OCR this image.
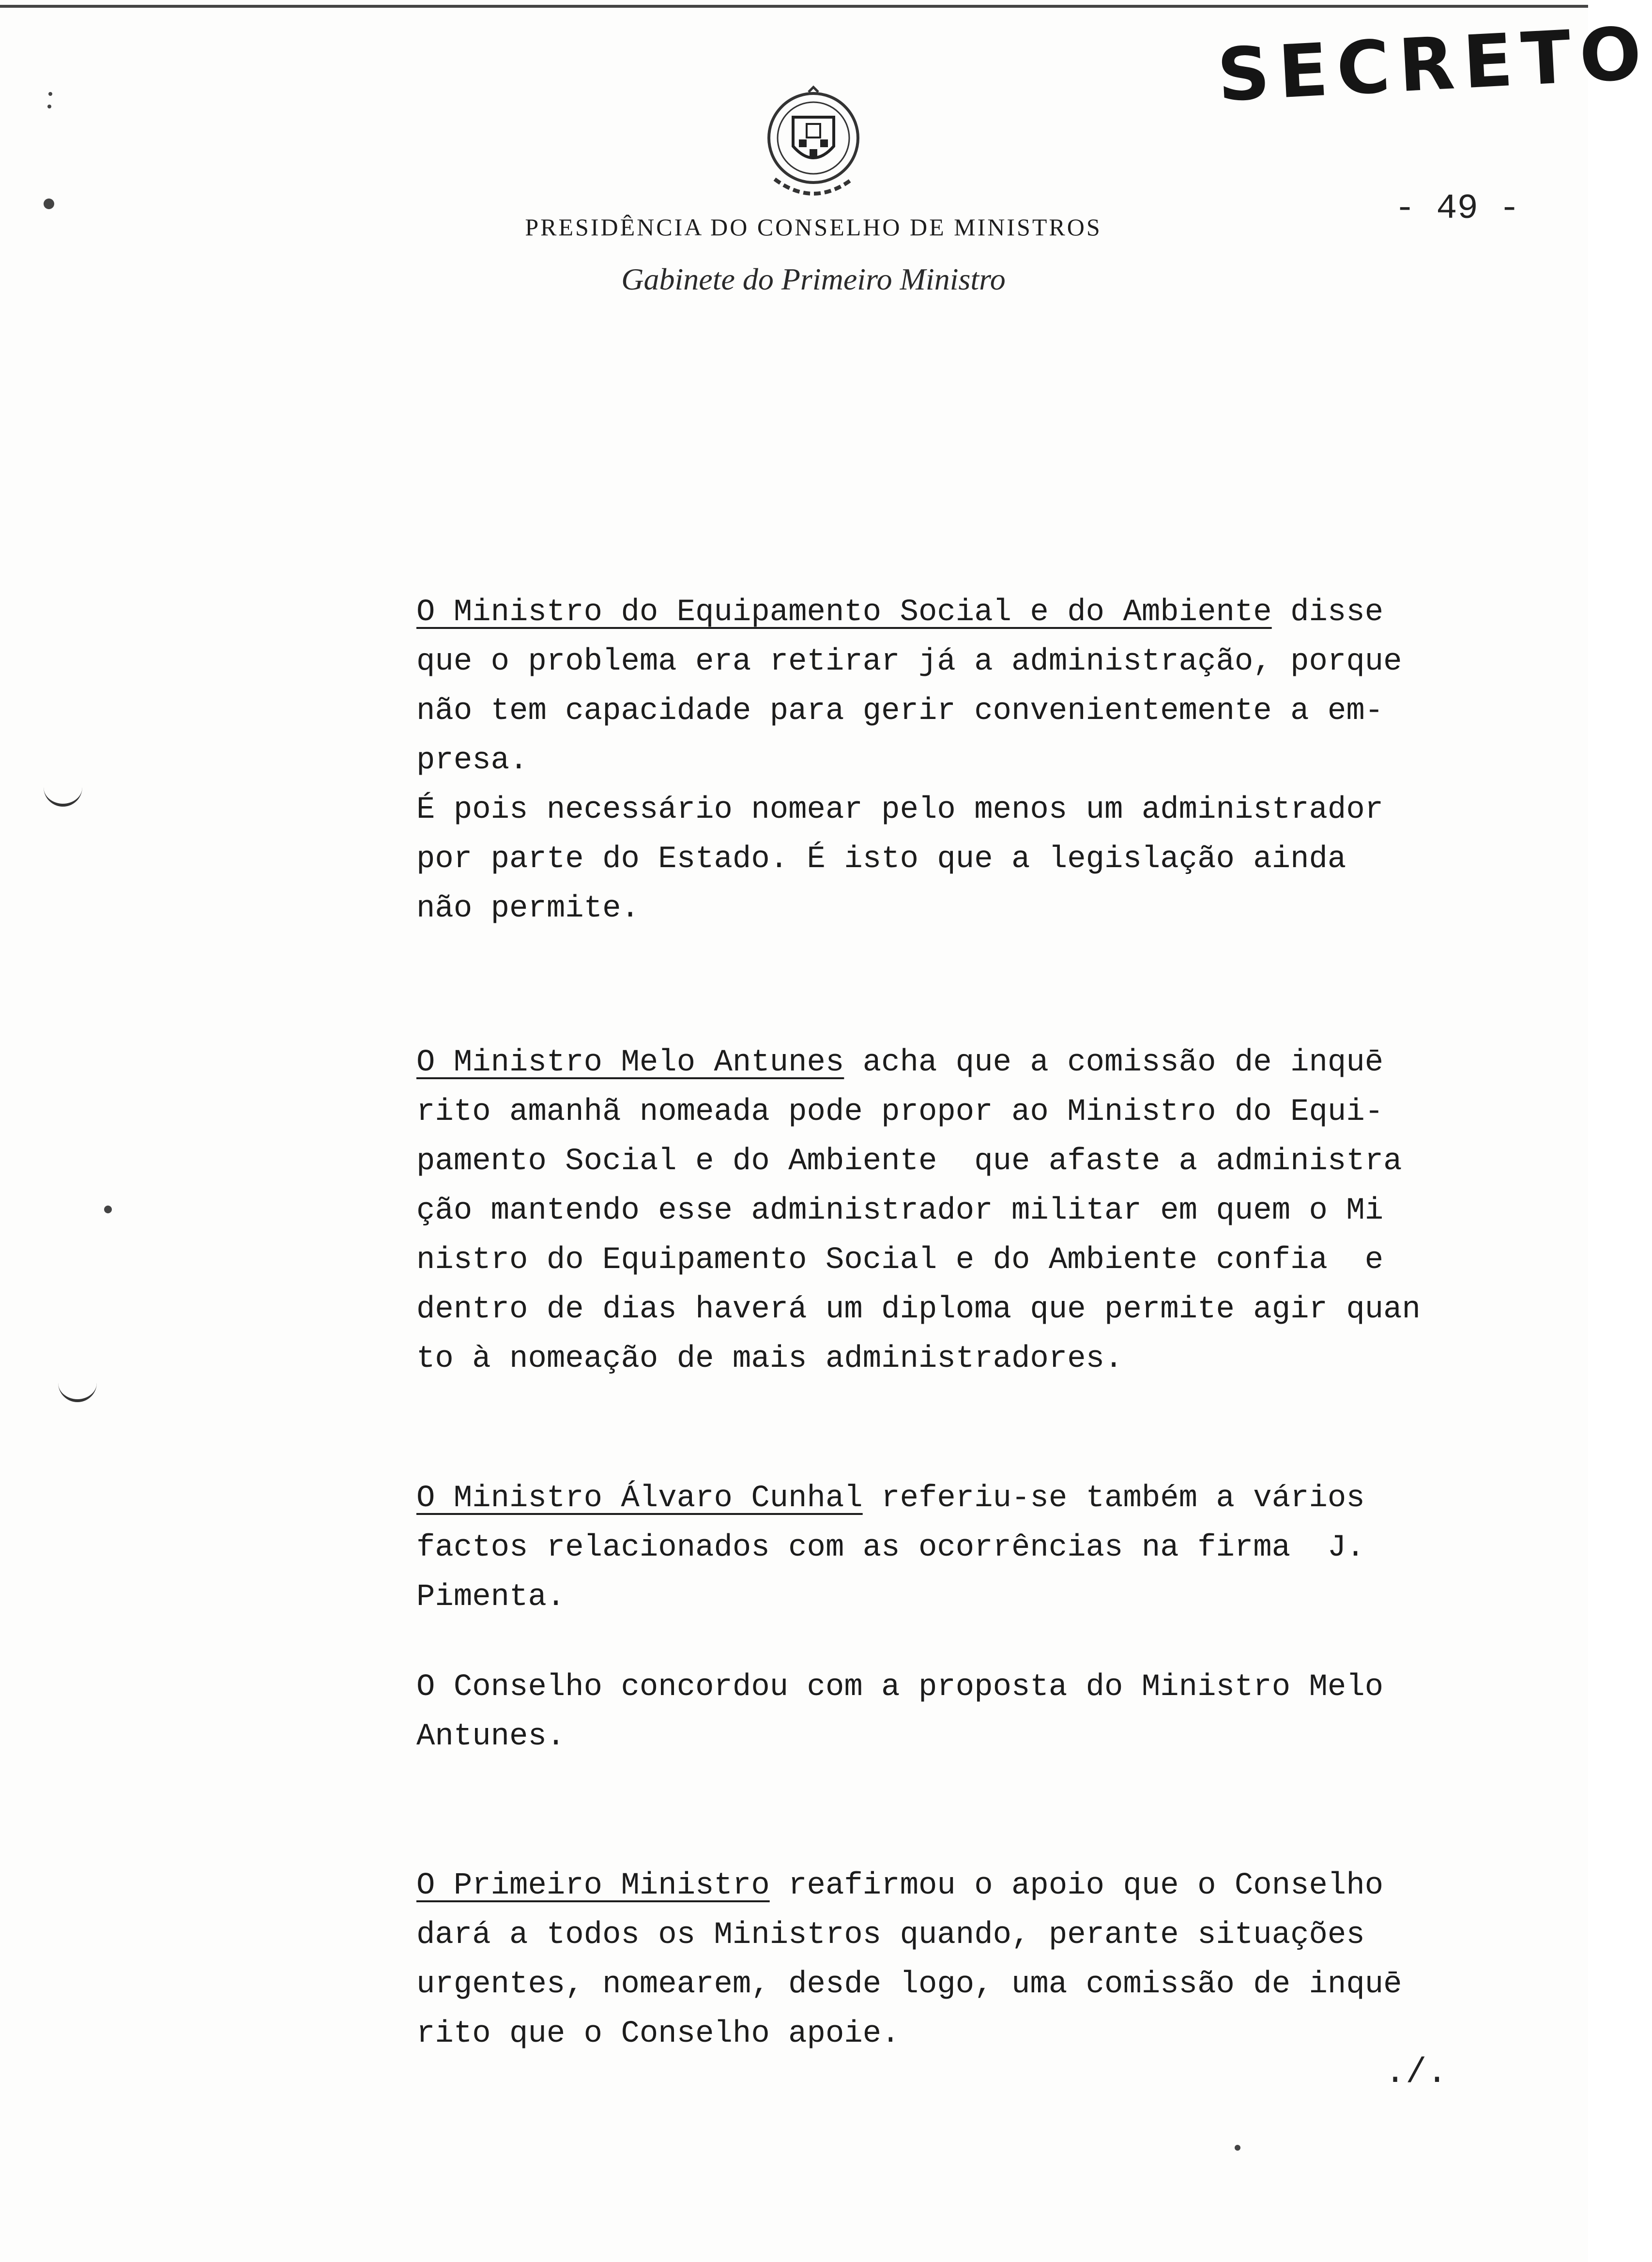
SECRETO
- 49 -
PRESIDÊNCIA DO CONSELHO DE MINISTROS
Gabinete do Primeiro Ministro

O Ministro do Equipamento Social e do Ambiente disse
que o problema era retirar já a administração, porque
não tem capacidade para gerir convenientemente a em-
presa.
É pois necessário nomear pelo menos um administrador
por parte do Estado. É isto que a legislação ainda
não permite.

O Ministro Melo Antunes acha que a comissão de inquē
rito amanhã nomeada pode propor ao Ministro do Equi-
pamento Social e do Ambiente  que afaste a administra
ção mantendo esse administrador militar em quem o Mi
nistro do Equipamento Social e do Ambiente confia  e
dentro de dias haverá um diploma que permite agir quan
to à nomeação de mais administradores.

O Ministro Álvaro Cunhal referiu-se também a vários
factos relacionados com as ocorrências na firma  J.
Pimenta.

O Conselho concordou com a proposta do Ministro Melo
Antunes.

O Primeiro Ministro reafirmou o apoio que o Conselho
dará a todos os Ministros quando, perante situações
urgentes, nomearem, desde logo, uma comissão de inquē
rito que o Conselho apoie.

./.
